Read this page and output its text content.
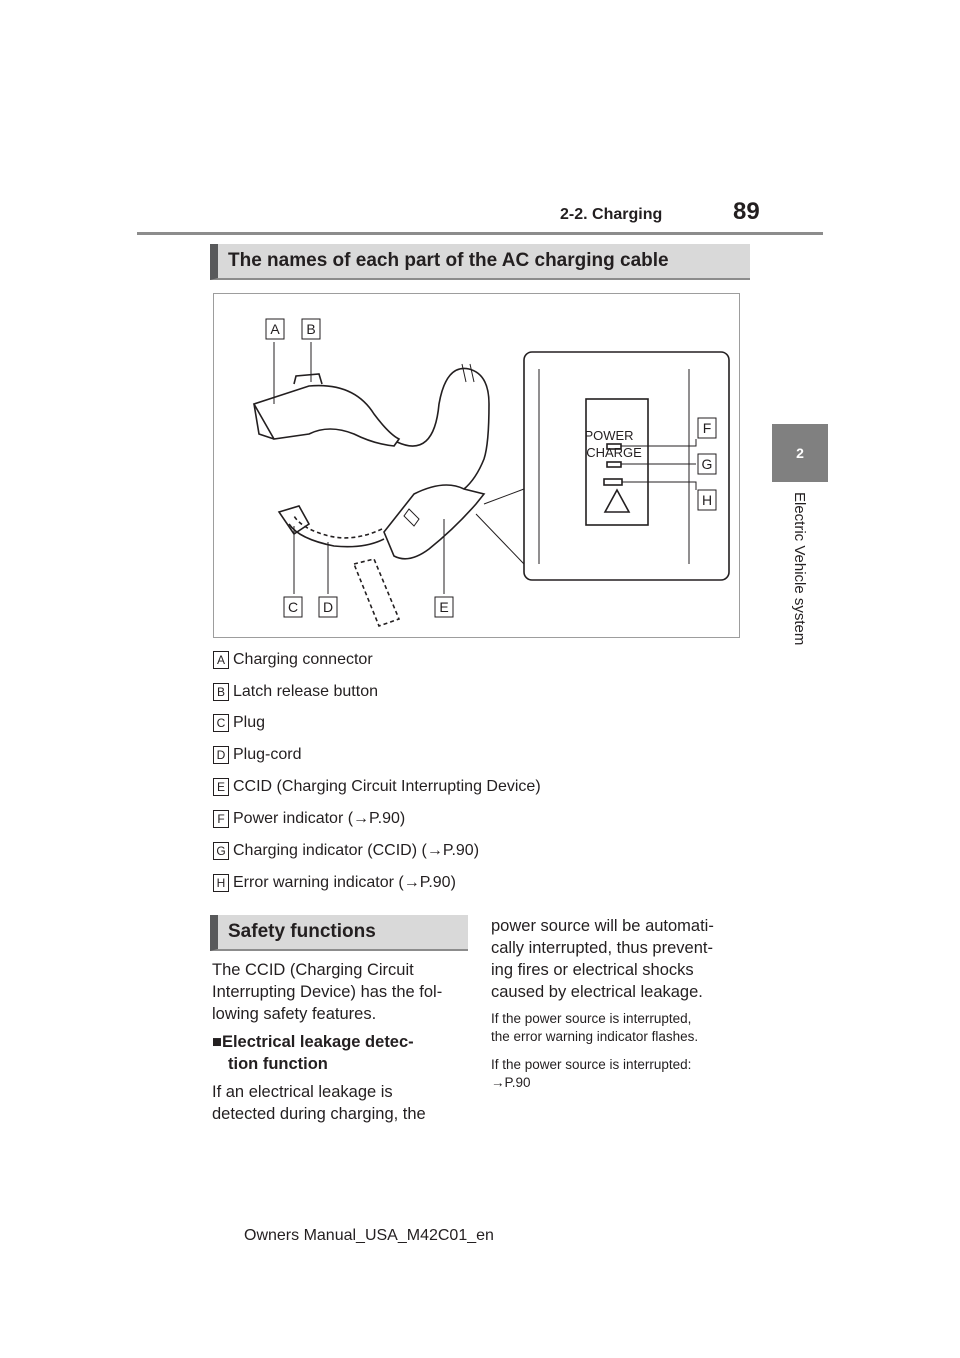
2-2. Charging	89
2
Electric Vehicle system
The names of each part of the AC charging cable
POWER
CHARGE
A B
C D	E
F
G
H
A Charging connector
B Latch release button
C Plug
D Plug-cord
E CCID (Charging Circuit Interrupting Device)
F Power indicator (→P.90)
G Charging indicator (CCID) (→P.90)
H Error warning indicator (→P.90)
Safety functions
The CCID (Charging Circuit
Interrupting Device) has the fol-
lowing safety features.
■Electrical leakage detec-
tion function
If an electrical leakage is
detected during charging, the
power source will be automati-
cally interrupted, thus prevent-
ing fires or electrical shocks
caused by electrical leakage.
If the power source is interrupted,
the error warning indicator flashes.
If the power source is interrupted:
→P.90
Owners Manual_USA_M42C01_en
